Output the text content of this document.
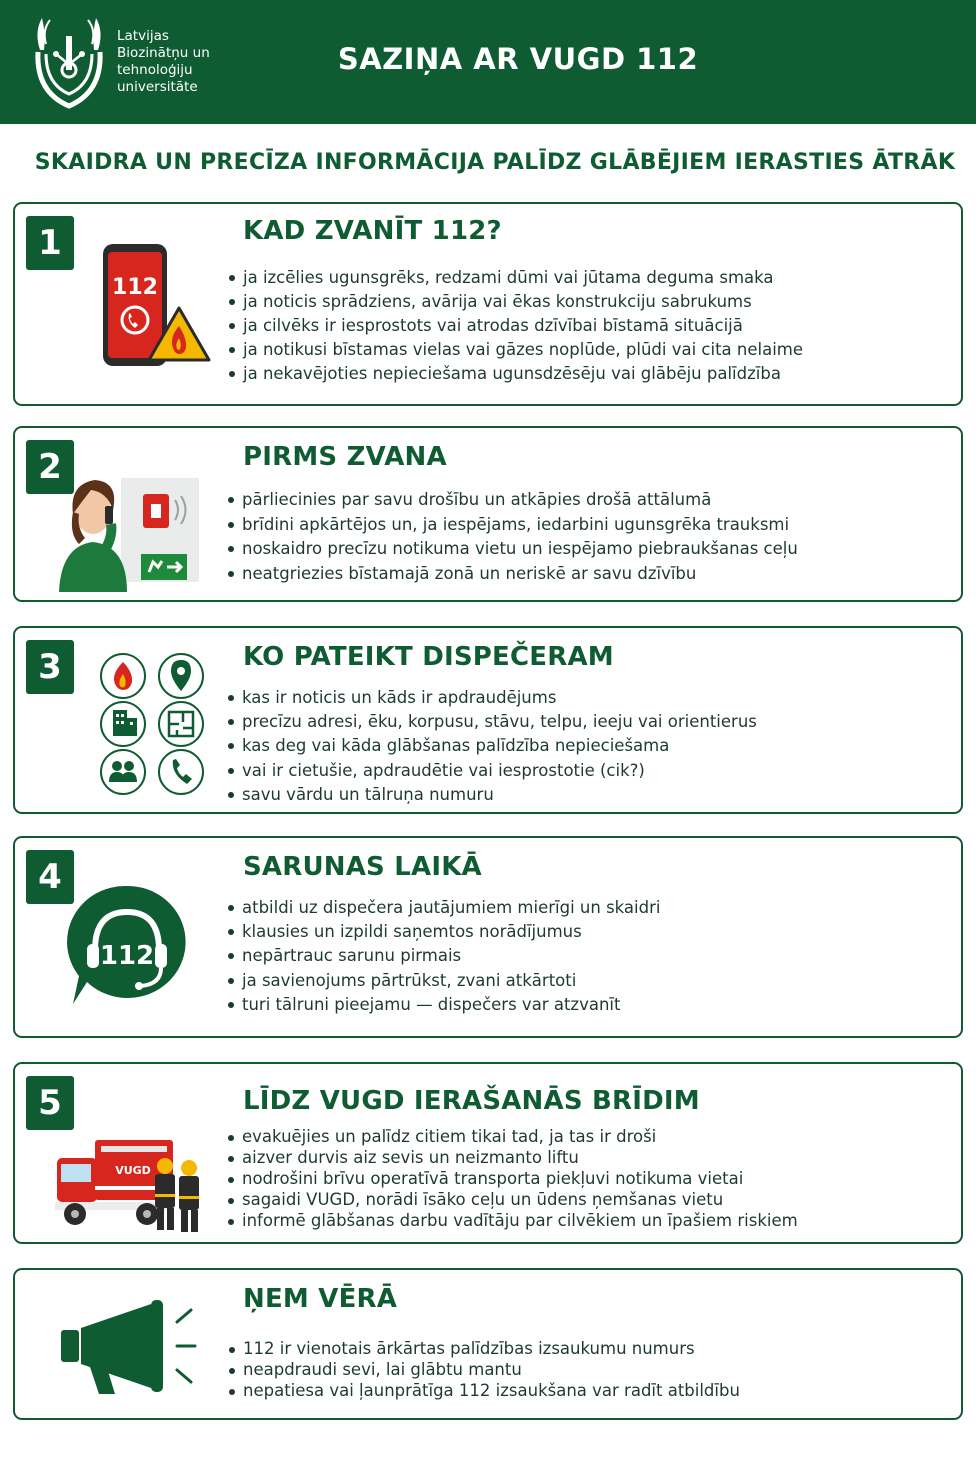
Latvijas
Biozinātņu un
tehnoloģiju
universitāte
SAZIŅA AR VUGD 112
SKAIDRA UN PRECĪZA INFORMĀCIJA PALĪDZ GLĀBĒJIEM IERASTIES ĀTRĀK
1
112
KAD ZVANĪT 112?
ja izcēlies ugunsgrēks, redzami dūmi vai jūtama deguma smaka
ja noticis sprādziens, avārija vai ēkas konstrukciju sabrukums
ja cilvēks ir iesprostots vai atrodas dzīvībai bīstamā situācijā
ja notikusi bīstamas vielas vai gāzes noplūde, plūdi vai cita nelaime
ja nekavējoties nepieciešama ugunsdzēsēju vai glābēju palīdzība
2	PIRMS ZVANA
pārliecinies par savu drošību un atkāpies drošā attālumā
brīdini apkārtējos un, ja iespējams, iedarbini ugunsgrēka trauksmi
noskaidro precīzu notikuma vietu un iespējamo piebraukšanas ceļu
neatgriezies bīstamajā zonā un neriskē ar savu dzīvību
3	KO PATEIKT DISPEČERAM
kas ir noticis un kāds ir apdraudējums
precīzu adresi, ēku, korpusu, stāvu, telpu, ieeju vai orientierus
kas deg vai kāda glābšanas palīdzība nepieciešama
vai ir cietušie, apdraudētie vai iesprostotie (cik?)
savu vārdu un tālruņa numuru
4
112
SARUNAS LAIKĀ
atbildi uz dispečera jautājumiem mierīgi un skaidri
klausies un izpildi saņemtos norādījumus
nepārtrauc sarunu pirmais
ja savienojums pārtrūkst, zvani atkārtoti
turi tālruni pieejamu — dispečers var atzvanīt
5
VUGD
LĪDZ VUGD IERAŠANĀS BRĪDIM
evakuējies un palīdz citiem tikai tad, ja tas ir droši
aizver durvis aiz sevis un neizmanto liftu
nodrošini brīvu operatīvā transporta piekļuvi notikuma vietai
sagaidi VUGD, norādi īsāko ceļu un ūdens ņemšanas vietu
informē glābšanas darbu vadītāju par cilvēkiem un īpašiem riskiem
ŅEM VĒRĀ
112 ir vienotais ārkārtas palīdzības izsaukumu numurs
neapdraudi sevi, lai glābtu mantu
nepatiesa vai ļaunprātīga 112 izsaukšana var radīt atbildību
